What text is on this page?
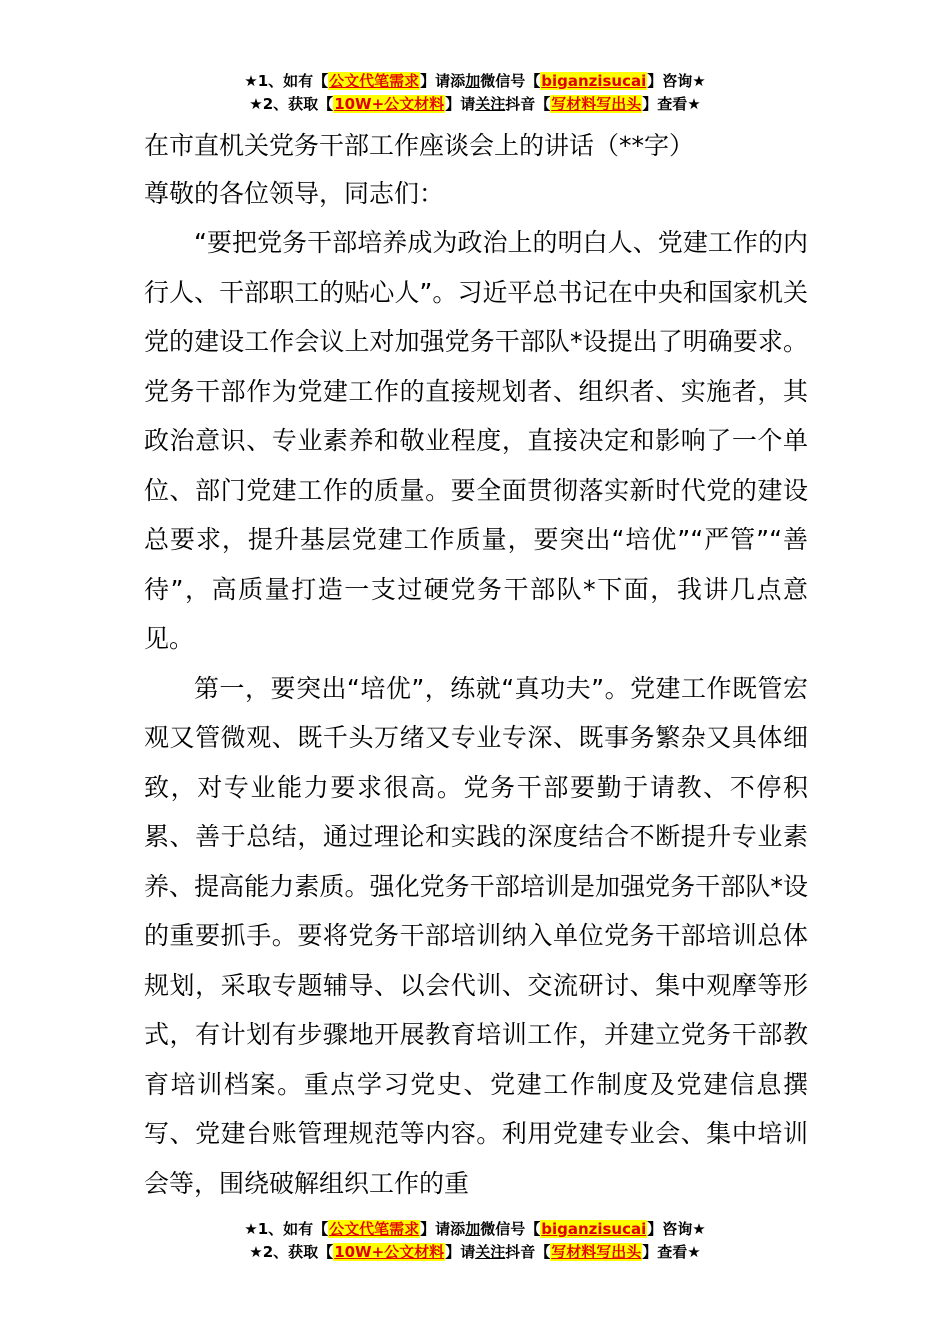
★1、如有【公文代笔需求】请添加微信号【biganzisucai】咨询★
★2、获取【10W+公文材料】请关注抖音【写材料写出头】查看★
在市直机关党务干部工作座谈会上的讲话（**字）
尊敬的各位领导，同志们：

“要把党务干部培养成为政治上的明白人、党建工作的内行人、干部职工的贴心人”。习近平总书记在中央和国家机关党的建设工作会议上对加强党务干部队*设提出了明确要求。党务干部作为党建工作的直接规划者、组织者、实施者，其政治意识、专业素养和敬业程度，直接决定和影响了一个单位、部门党建工作的质量。要全面贯彻落实新时代党的建设总要求，提升基层党建工作质量，要突出“培优”“严管”“善待”，高质量打造一支过硬党务干部队*下面，我讲几点意见。

第一，要突出“培优”，练就“真功夫”。党建工作既管宏观又管微观、既千头万绪又专业专深、既事务繁杂又具体细致，对专业能力要求很高。党务干部要勤于请教、不停积累、善于总结，通过理论和实践的深度结合不断提升专业素养、提高能力素质。强化党务干部培训是加强党务干部队*设的重要抓手。要将党务干部培训纳入单位党务干部培训总体规划，采取专题辅导、以会代训、交流研讨、集中观摩等形式，有计划有步骤地开展教育培训工作，并建立党务干部教育培训档案。重点学习党史、党建工作制度及党建信息撰写、党建台账管理规范等内容。利用党建专业会、集中培训会等，围绕破解组织工作的重

★1、如有【公文代笔需求】请添加微信号【biganzisucai】咨询★
★2、获取【10W+公文材料】请关注抖音【写材料写出头】查看★
